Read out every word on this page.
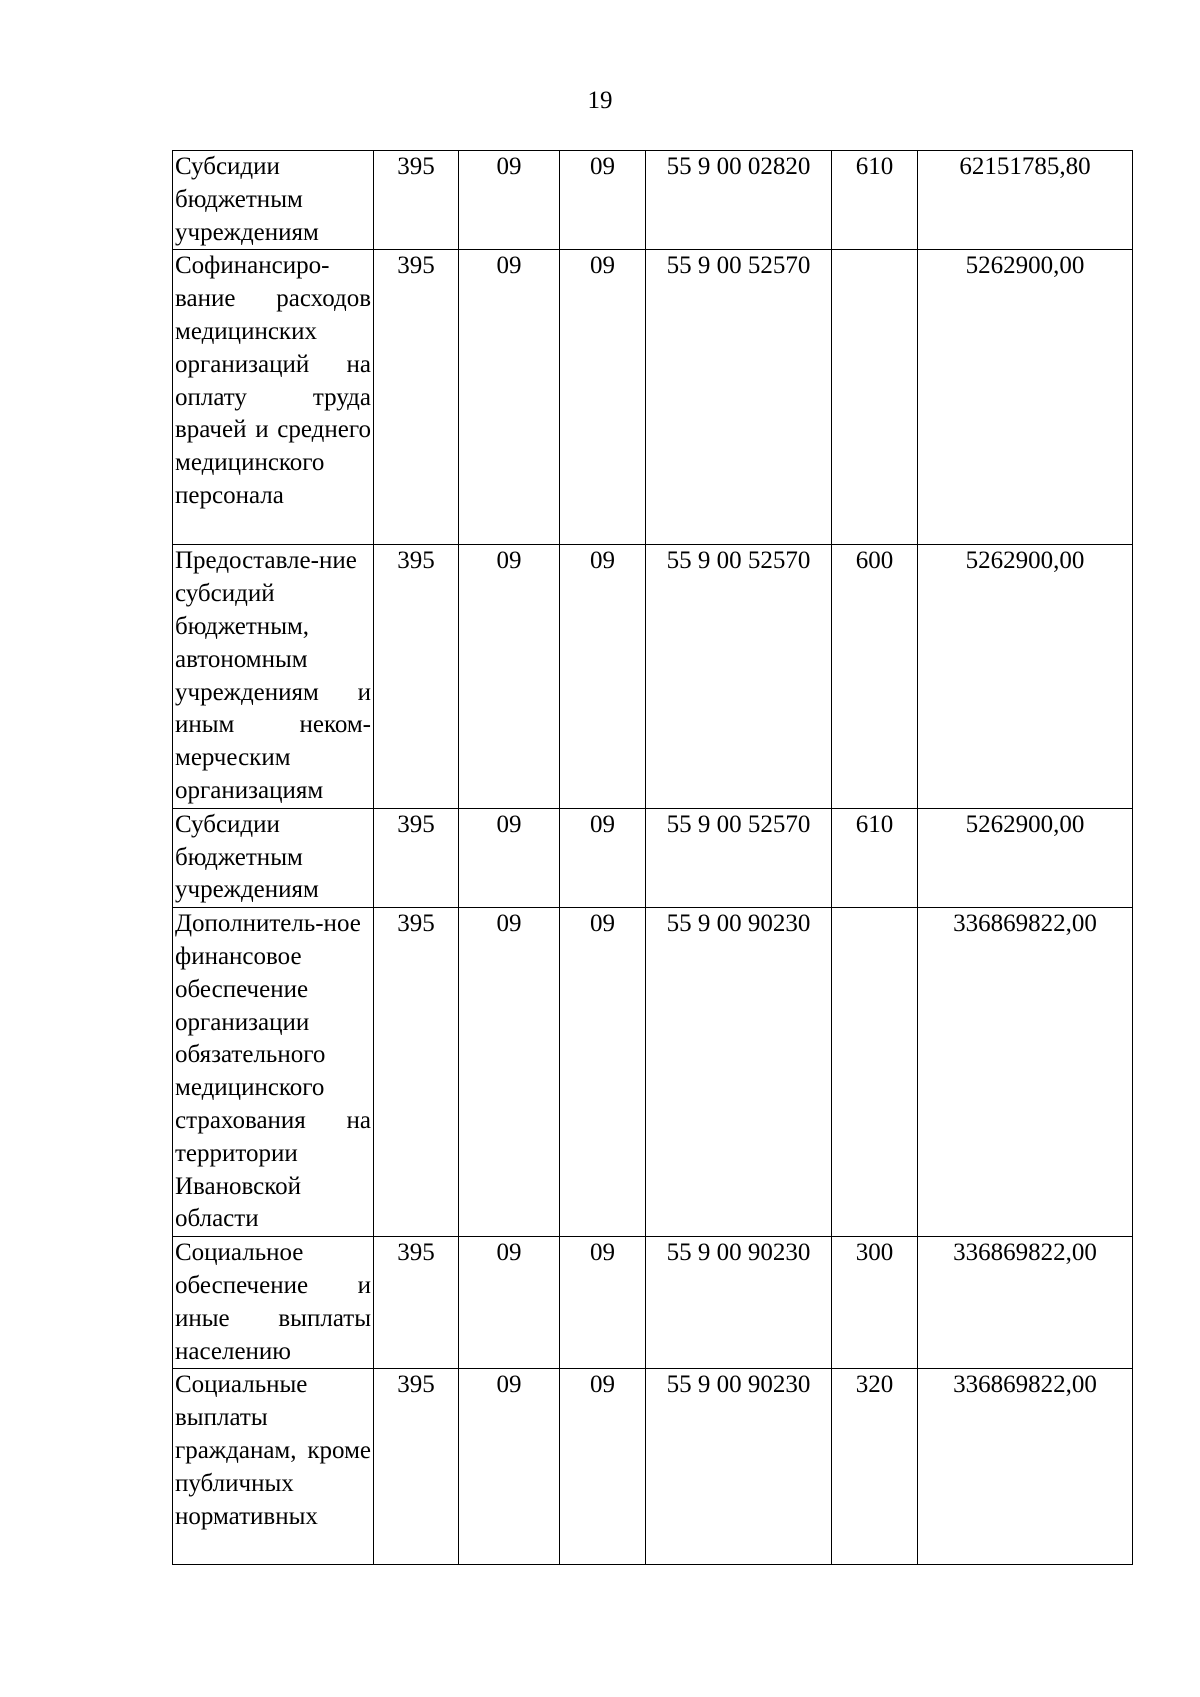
19
Субсидии бюджетным учреждениям	395	09	09	55 9 00 02820	610	62151785,80
Софинансиро-вание расходов медицинских организаций на оплату труда врачей и среднего медицинского персонала	395	09	09	55 9 00 52570		5262900,00
Предоставле-ние субсидий бюджетным, автономным учреждениям и иным неком-мерческим организациям	395	09	09	55 9 00 52570	600	5262900,00
Субсидии бюджетным учреждениям	395	09	09	55 9 00 52570	610	5262900,00
Дополнитель-ное финансовое обеспечение организации обязательного медицинского страхования на территории Ивановской области	395	09	09	55 9 00 90230		336869822,00
Социальное обеспечение и иные выплаты населению	395	09	09	55 9 00 90230	300	336869822,00
Социальные выплаты гражданам, кроме публичных нормативных	395	09	09	55 9 00 90230	320	336869822,00
